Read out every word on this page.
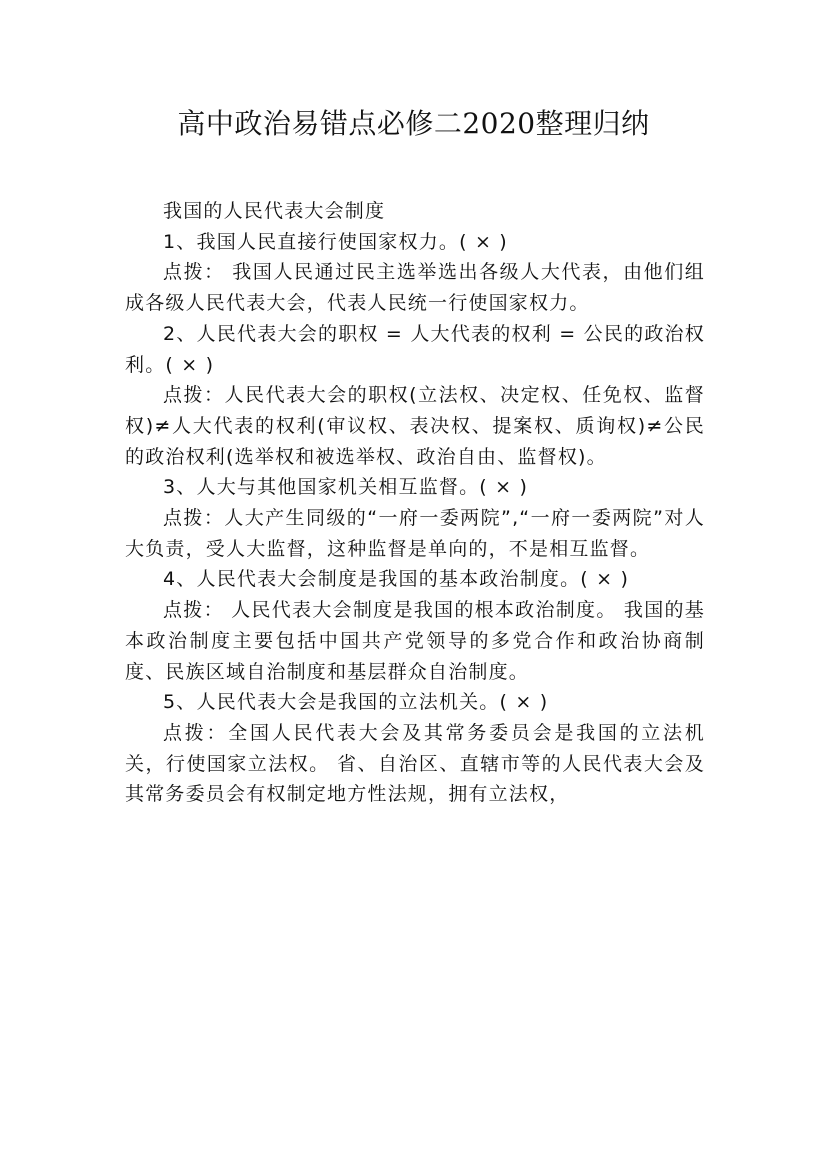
高中政治易错点必修二2020整理归纳

我国的人民代表大会制度

1、我国人民直接行使国家权力。( × )

点拨： 我国人民通过民主选举选出各级人大代表，由他们组成各级人民代表大会，代表人民统一行使国家权力。

2、人民代表大会的职权 = 人大代表的权利 = 公民的政治权利。( × )

点拨：人民代表大会的职权(立法权、决定权、任免权、监督权)≠人大代表的权利(审议权、表决权、提案权、质询权)≠公民的政治权利(选举权和被选举权、政治自由、监督权)。

3、人大与其他国家机关相互监督。( × )

点拨：人大产生同级的“一府一委两院”,“一府一委两院”对人大负责，受人大监督，这种监督是单向的，不是相互监督。

4、人民代表大会制度是我国的基本政治制度。( × )

点拨： 人民代表大会制度是我国的根本政治制度。 我国的基本政治制度主要包括中国共产党领导的多党合作和政治协商制度、民族区域自治制度和基层群众自治制度。

5、人民代表大会是我国的立法机关。( × )

点拨：全国人民代表大会及其常务委员会是我国的立法机关，行使国家立法权。 省、自治区、直辖市等的人民代表大会及其常务委员会有权制定地方性法规，拥有立法权，
